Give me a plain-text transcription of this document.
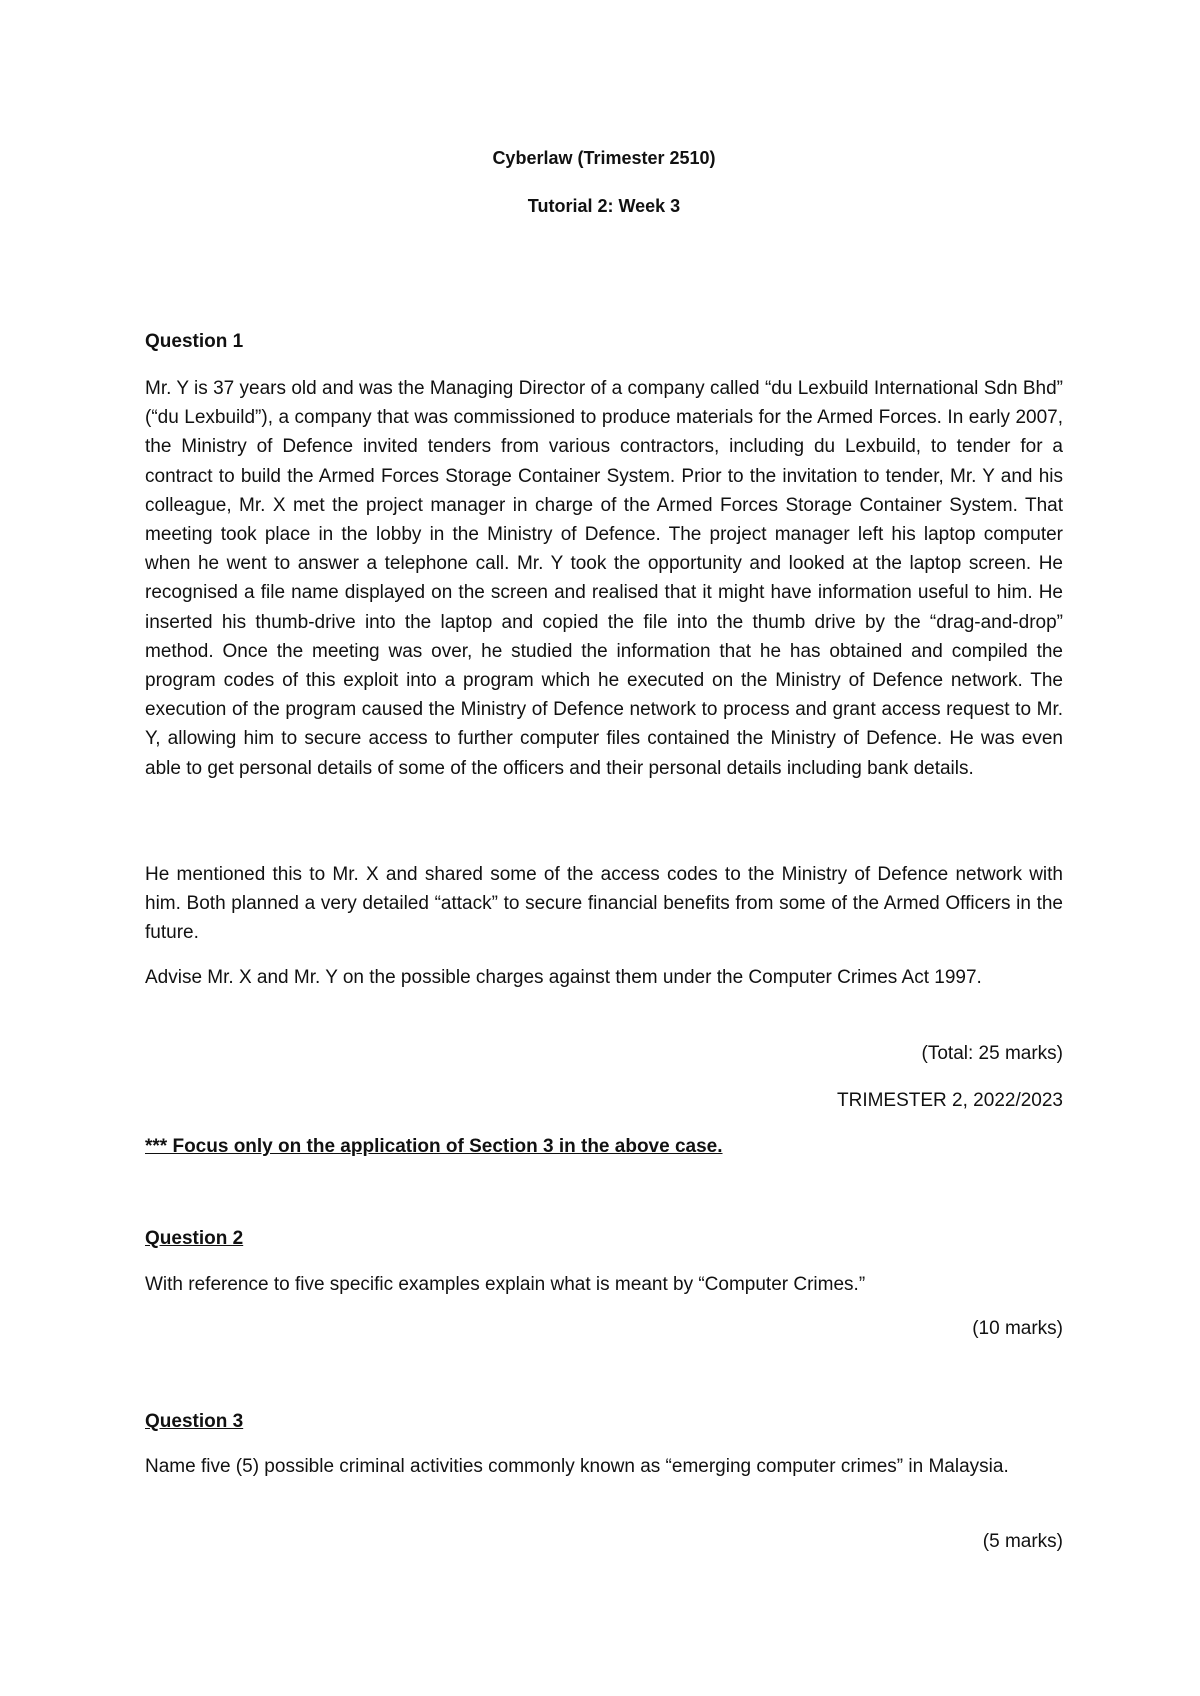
Cyberlaw (Trimester 2510)
Tutorial 2: Week 3
Question 1
Mr. Y is 37 years old and was the Managing Director of a company called “du Lexbuild International Sdn Bhd” (“du Lexbuild”), a company that was commissioned to produce materials for the Armed Forces. In early 2007, the Ministry of Defence invited tenders from various contractors, including du Lexbuild, to tender for a contract to build the Armed Forces Storage Container System. Prior to the invitation to tender, Mr. Y and his colleague, Mr. X met the project manager in charge of the Armed Forces Storage Container System. That meeting took place in the lobby in the Ministry of Defence. The project manager left his laptop computer when he went to answer a telephone call. Mr. Y took the opportunity and looked at the laptop screen. He recognised a file name displayed on the screen and realised that it might have information useful to him. He inserted his thumb-drive into the laptop and copied the file into the thumb drive by the “drag-and-drop” method. Once the meeting was over, he studied the information that he has obtained and compiled the program codes of this exploit into a program which he executed on the Ministry of Defence network. The execution of the program caused the Ministry of Defence network to process and grant access request to Mr. Y, allowing him to secure access to further computer files contained the Ministry of Defence. He was even able to get personal details of some of the officers and their personal details including bank details.
He mentioned this to Mr. X and shared some of the access codes to the Ministry of Defence network with him. Both planned a very detailed “attack” to secure financial benefits from some of the Armed Officers in the future.
Advise Mr. X and Mr. Y on the possible charges against them under the Computer Crimes Act 1997.
(Total: 25 marks)
TRIMESTER 2, 2022/2023
*** Focus only on the application of Section 3 in the above case.
Question 2
With reference to five specific examples explain what is meant by “Computer Crimes.”
(10 marks)
Question 3
Name five (5) possible criminal activities commonly known as “emerging computer crimes” in Malaysia.
(5 marks)
